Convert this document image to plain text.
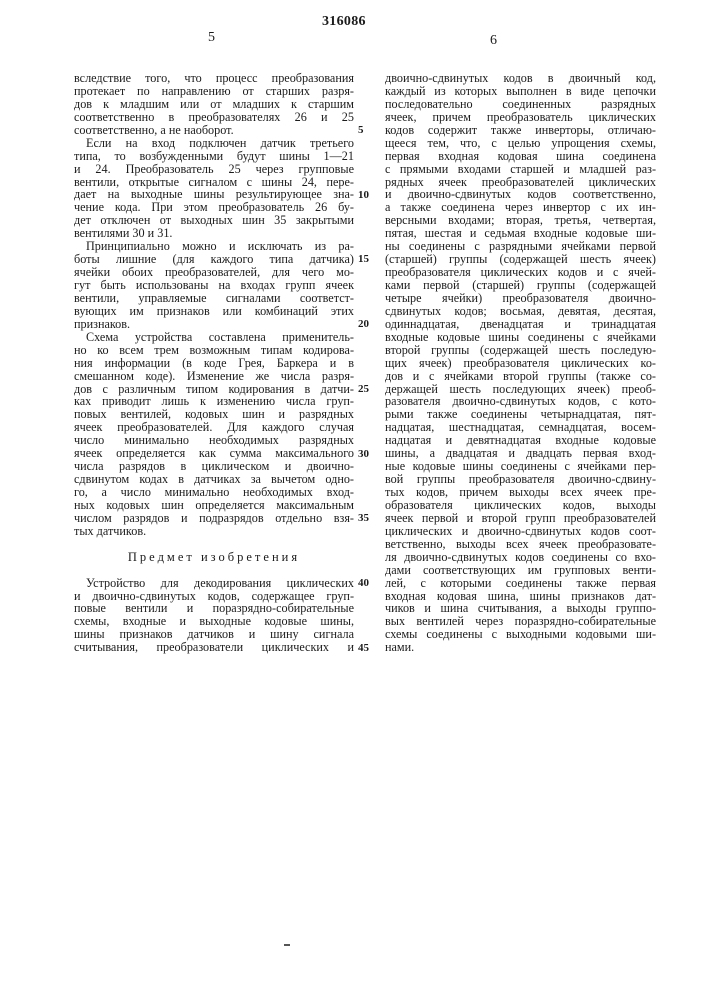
316086
5	6
вследствие того, что процесс преобразования
протекает по направлению от старших разря-
дов к младшим или от младших к старшим
соответственно в преобразователях 26 и 25
соответственно, а не наоборот.
Если на вход подключен датчик третьего
типа, то возбужденными будут шины 1—21
и 24. Преобразователь 25 через групповые
вентили, открытые сигналом с шины 24, пере-
дает на выходные шины результирующее зна-
чение кода. При этом преобразователь 26 бу-
дет отключен от выходных шин 35 закрытыми
вентилями 30 и 31.
Принципиально можно и исключать из ра-
боты лишние (для каждого типа датчика)
ячейки обоих преобразователей, для чего мо-
гут быть использованы на входах групп ячеек
вентили, управляемые сигналами соответст-
вующих им признаков или комбинаций этих
признаков.
Схема устройства составлена применитель-
но ко всем трем возможным типам кодирова-
ния информации (в коде Грея, Баркера и в
смешанном коде). Изменение же числа разря-
дов с различным типом кодирования в датчи-
ках приводит лишь к изменению числа груп-
повых вентилей, кодовых шин и разрядных
ячеек преобразователей. Для каждого случая
число минимально необходимых разрядных
ячеек определяется как сумма максимального
числа разрядов в циклическом и двоично-
сдвинутом кодах в датчиках за вычетом одно-
го, а число минимально необходимых вход-
ных кодовых шин определяется максимальным
числом разрядов и подразрядов отдельно взя-
тых датчиков.
Предмет изобретения
Устройство для декодирования циклических
и двоично-сдвинутых кодов, содержащее груп-
повые вентили и поразрядно-собирательные
схемы, входные и выходные кодовые шины,
шины признаков датчиков и шину сигнала
считывания, преобразователи циклических и
двоично-сдвинутых кодов в двоичный код,
каждый из которых выполнен в виде цепочки
последовательно соединенных разрядных
ячеек, причем преобразователь циклических
кодов содержит также инверторы, отличаю-
щееся тем, что, с целью упрощения схемы,
первая входная кодовая шина соединена
с прямыми входами старшей и младшей раз-
рядных ячеек преобразователей циклических
и двоично-сдвинутых кодов соответственно,
а также соединена через инвертор с их ин-
версными входами; вторая, третья, четвертая,
пятая, шестая и седьмая входные кодовые ши-
ны соединены с разрядными ячейками первой
(старшей) группы (содержащей шесть ячеек)
преобразователя циклических кодов и с ячей-
ками первой (старшей) группы (содержащей
четыре ячейки) преобразователя двоично-
сдвинутых кодов; восьмая, девятая, десятая,
одиннадцатая, двенадцатая и тринадцатая
входные кодовые шины соединены с ячейками
второй группы (содержащей шесть последую-
щих ячеек) преобразователя циклических ко-
дов и с ячейками второй группы (также со-
держащей шесть последующих ячеек) преоб-
разователя двоично-сдвинутых кодов, с кото-
рыми также соединены четырнадцатая, пят-
надцатая, шестнадцатая, семнадцатая, восем-
надцатая и девятнадцатая входные кодовые
шины, а двадцатая и двадцать первая вход-
ные кодовые шины соединены с ячейками пер-
вой группы преобразователя двоично-сдвину-
тых кодов, причем выходы всех ячеек пре-
образователя циклических кодов, выходы
ячеек первой и второй групп преобразователей
циклических и двоично-сдвинутых кодов соот-
ветственно, выходы всех ячеек преобразовате-
ля двоично-сдвинутых кодов соединены со вхо-
дами соответствующих им групповых венти-
лей, с которыми соединены также первая
входная кодовая шина, шины признаков дат-
чиков и шина считывания, а выходы группо-
вых вентилей через поразрядно-собирательные
схемы соединены с выходными кодовыми ши-
нами.
5
10
15
20
25
30
35
40
45
